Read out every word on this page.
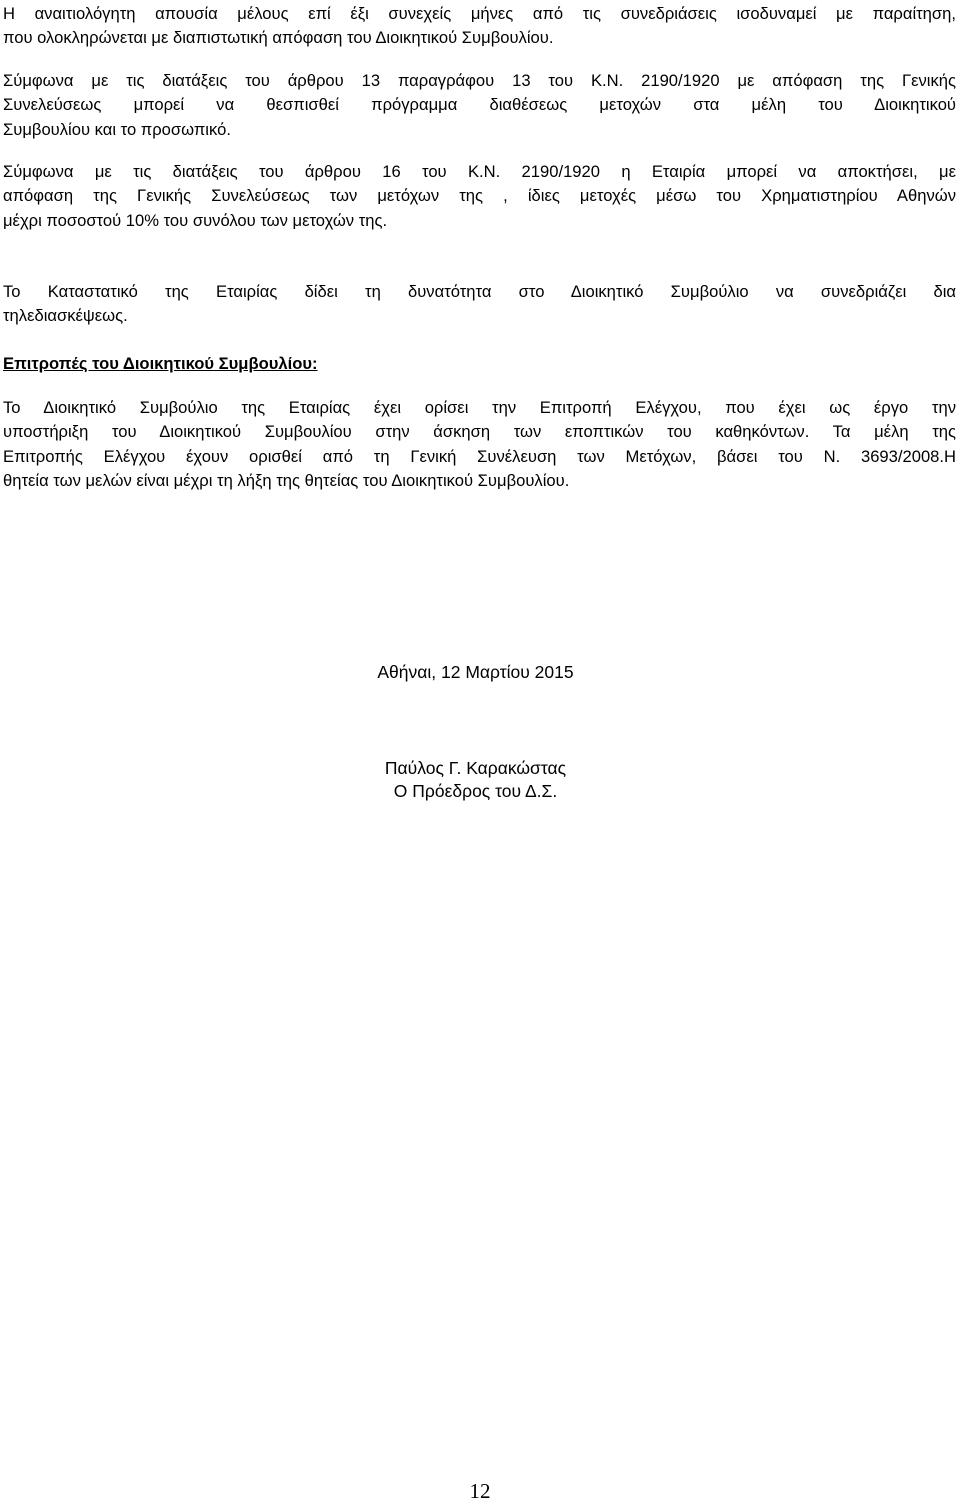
Η αναιτιολόγητη απουσία μέλους επί έξι συνεχείς μήνες από τις συνεδριάσεις ισοδυναμεί με παραίτηση,
που ολοκληρώνεται με διαπιστωτική απόφαση του Διοικητικού Συμβουλίου.
Σύμφωνα με τις διατάξεις του άρθρου 13 παραγράφου 13 του Κ.Ν. 2190/1920 με απόφαση της Γενικής
Συνελεύσεως μπορεί να θεσπισθεί πρόγραμμα διαθέσεως μετοχών στα μέλη του Διοικητικού
Συμβουλίου και το προσωπικό.
Σύμφωνα με τις διατάξεις του άρθρου 16 του Κ.Ν. 2190/1920 η Εταιρία μπορεί να αποκτήσει, με
απόφαση της Γενικής Συνελεύσεως των μετόχων της , ίδιες μετοχές μέσω του Χρηματιστηρίου Αθηνών
μέχρι ποσοστού 10% του συνόλου των μετοχών της.
Το Καταστατικό της Εταιρίας δίδει τη δυνατότητα στο Διοικητικό Συμβούλιο να συνεδριάζει δια
τηλεδιασκέψεως.

Επιτροπές του Διοικητικού Συμβουλίου:

Το Διοικητικό Συμβούλιο της Εταιρίας έχει ορίσει την Επιτροπή Ελέγχου, που έχει ως έργο την
υποστήριξη του Διοικητικού Συμβουλίου στην άσκηση των εποπτικών του καθηκόντων. Τα μέλη της
Επιτροπής Ελέγχου έχουν ορισθεί από τη Γενική Συνέλευση των Μετόχων, βάσει του Ν. 3693/2008.Η
θητεία των μελών είναι μέχρι τη λήξη της θητείας του Διοικητικού Συμβουλίου.

Αθήναι, 12 Μαρτίου 2015

Παύλος Γ. Καρακώστας

Ο Πρόεδρος του Δ.Σ.

12
